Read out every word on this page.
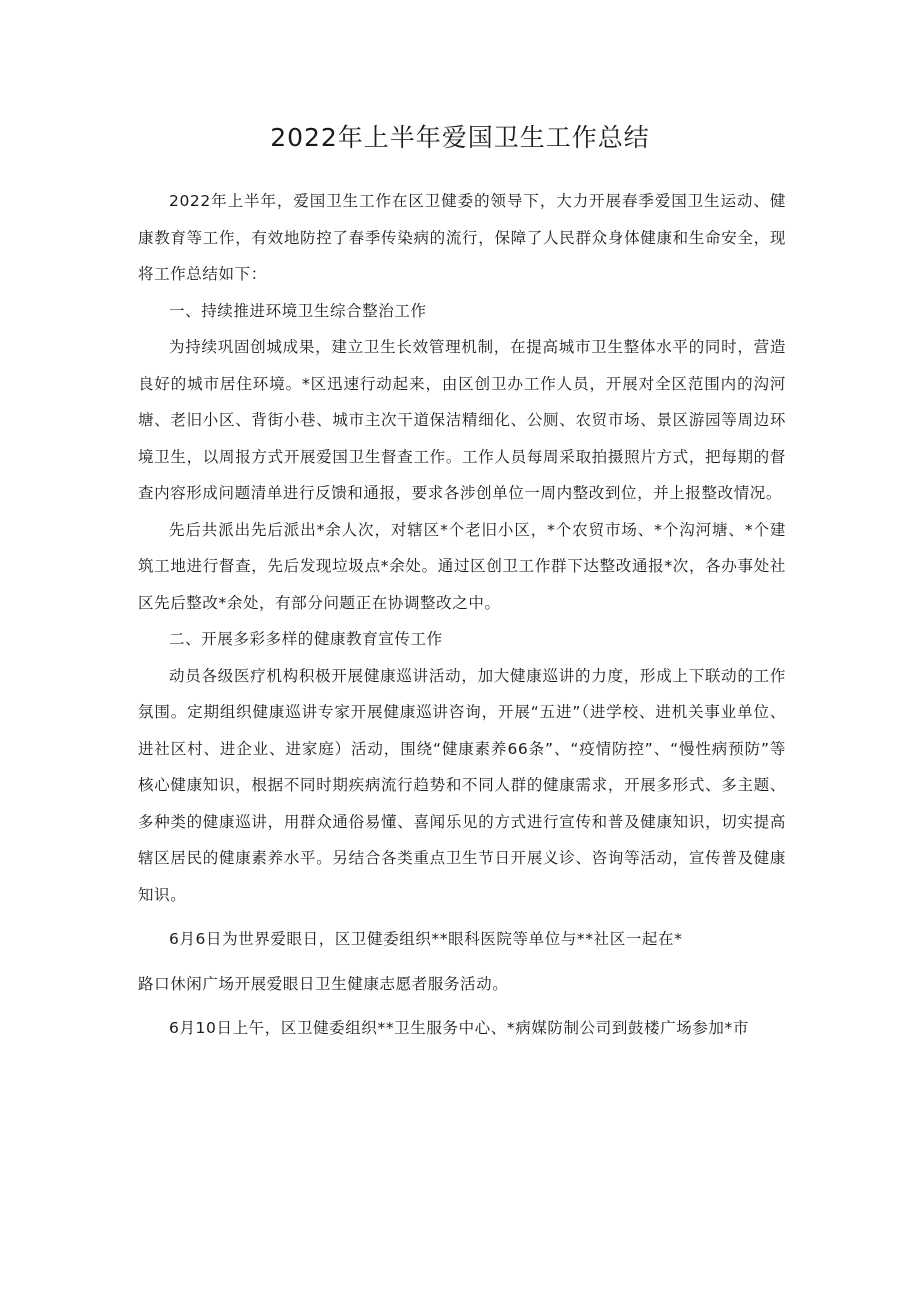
2022年上半年爱国卫生工作总结

2022年上半年，爱国卫生工作在区卫健委的领导下，大力开展春季爱国卫生运动、健康教育等工作，有效地防控了春季传染病的流行，保障了人民群众身体健康和生命安全，现将工作总结如下：

一、持续推进环境卫生综合整治工作

为持续巩固创城成果，建立卫生长效管理机制，在提高城市卫生整体水平的同时，营造良好的城市居住环境。*区迅速行动起来，由区创卫办工作人员，开展对全区范围内的沟河塘、老旧小区、背街小巷、城市主次干道保洁精细化、公厕、农贸市场、景区游园等周边环境卫生，以周报方式开展爱国卫生督查工作。工作人员每周采取拍摄照片方式，把每期的督查内容形成问题清单进行反馈和通报，要求各涉创单位一周内整改到位，并上报整改情况。

先后共派出先后派出*余人次，对辖区*个老旧小区，*个农贸市场、*个沟河塘、*个建筑工地进行督查，先后发现垃圾点*余处。通过区创卫工作群下达整改通报*次，各办事处社区先后整改*余处，有部分问题正在协调整改之中。

二、开展多彩多样的健康教育宣传工作

动员各级医疗机构积极开展健康巡讲活动，加大健康巡讲的力度，形成上下联动的工作氛围。定期组织健康巡讲专家开展健康巡讲咨询，开展“五进”（进学校、进机关事业单位、进社区村、进企业、进家庭）活动，围绕“健康素养66条”、“疫情防控”、“慢性病预防”等核心健康知识，根据不同时期疾病流行趋势和不同人群的健康需求，开展多形式、多主题、多种类的健康巡讲，用群众通俗易懂、喜闻乐见的方式进行宣传和普及健康知识，切实提高辖区居民的健康素养水平。另结合各类重点卫生节日开展义诊、咨询等活动，宣传普及健康知识。

6月6日为世界爱眼日，区卫健委组织**眼科医院等单位与**社区一起在*

路口休闲广场开展爱眼日卫生健康志愿者服务活动。

6月10日上午，区卫健委组织**卫生服务中心、*病媒防制公司到鼓楼广场参加*市
